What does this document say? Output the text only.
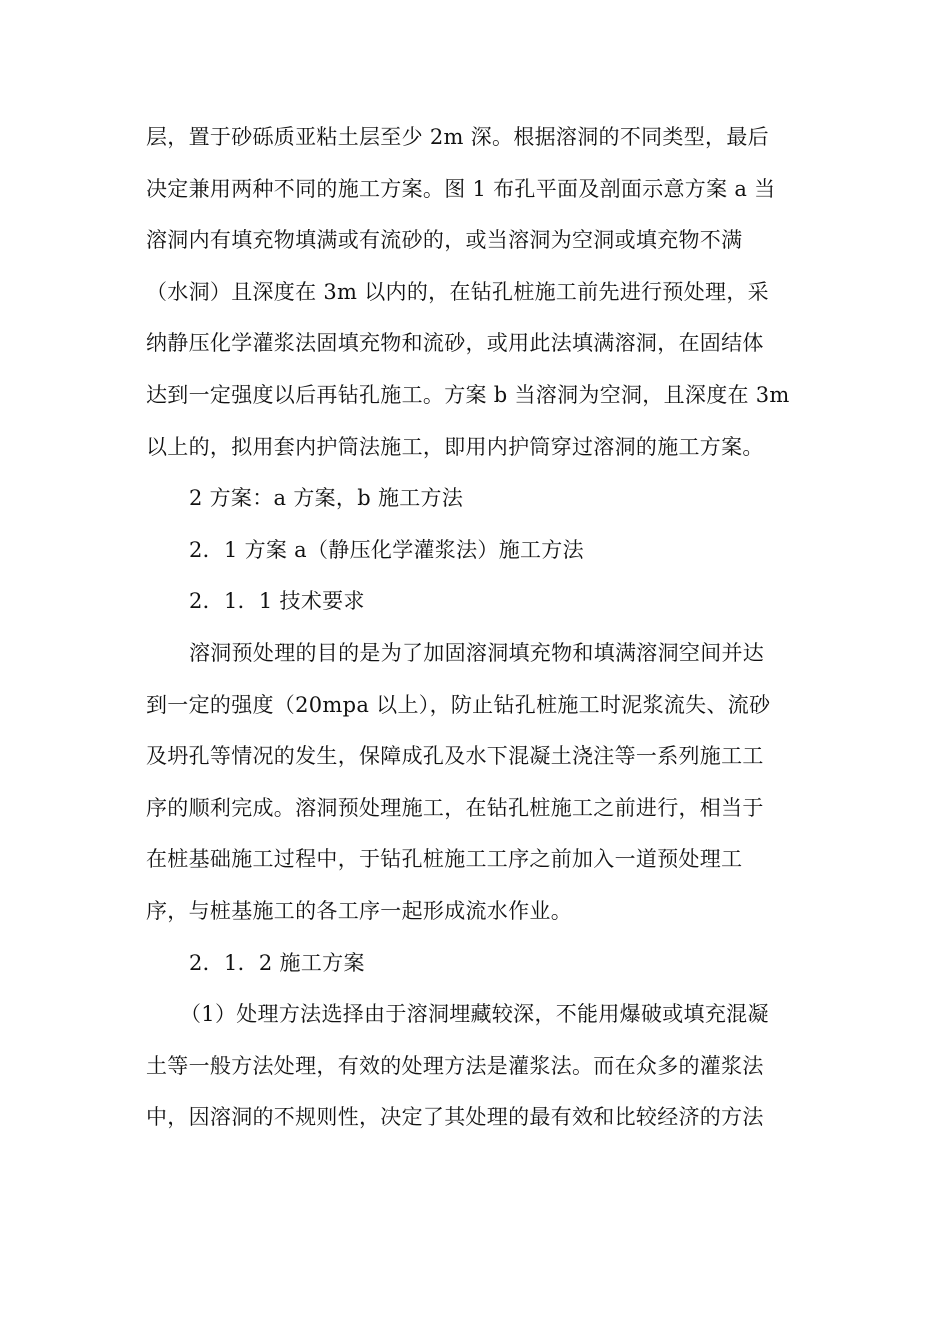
层，置于砂砾质亚粘土层至少 2m 深。根据溶洞的不同类型，最后
决定兼用两种不同的施工方案。图 1 布孔平面及剖面示意方案 a 当
溶洞内有填充物填满或有流砂的，或当溶洞为空洞或填充物不满
（水洞）且深度在 3m 以内的，在钻孔桩施工前先进行预处理，采
纳静压化学灌浆法固填充物和流砂，或用此法填满溶洞，在固结体
达到一定强度以后再钻孔施工。方案 b 当溶洞为空洞，且深度在 3m
以上的，拟用套内护筒法施工，即用内护筒穿过溶洞的施工方案。
2 方案：a 方案，b 施工方法
2．1 方案 a（静压化学灌浆法）施工方法
2．1．1 技术要求
溶洞预处理的目的是为了加固溶洞填充物和填满溶洞空间并达
到一定的强度（20mpa 以上），防止钻孔桩施工时泥浆流失、流砂
及坍孔等情况的发生，保障成孔及水下混凝土浇注等一系列施工工
序的顺利完成。溶洞预处理施工，在钻孔桩施工之前进行，相当于
在桩基础施工过程中，于钻孔桩施工工序之前加入一道预处理工
序，与桩基施工的各工序一起形成流水作业。
2．1．2 施工方案
（1）处理方法选择由于溶洞埋藏较深，不能用爆破或填充混凝
土等一般方法处理，有效的处理方法是灌浆法。而在众多的灌浆法
中，因溶洞的不规则性，决定了其处理的最有效和比较经济的方法
